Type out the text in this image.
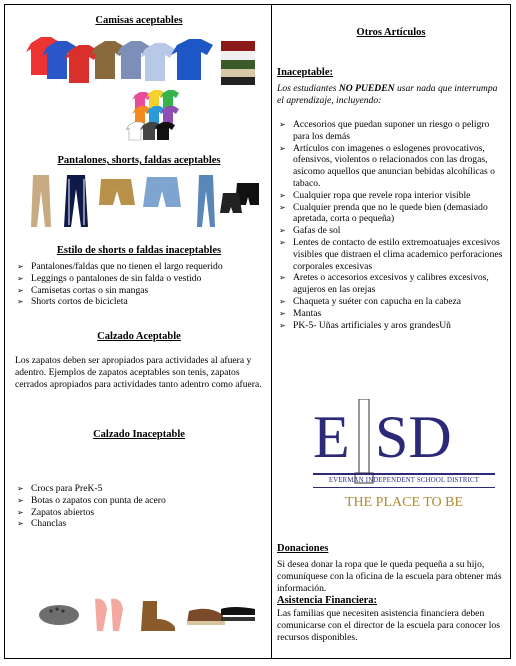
Camisas aceptables
Pantalones, shorts, faldas aceptables
Estilo de shorts o faldas inaceptables
➢ Pantalones/faldas que no tienen el largo requerido
➢ Leggings o pantalones de sin falda o vestido
➢ Camisetas cortas o sin mangas
➢ Shorts cortos de bicicleta
Calzado Aceptable
Los zapatos deben ser apropiados para actividades al afuera y adentro. Ejemplos de zapatos aceptables son tenis, zapatos cerrados apropiados para actividades tanto adentro como afuera.
Calzado Inaceptable
➢ Crocs para PreK-5
➢ Botas o zapatos con punta de acero
➢ Zapatos abiertos
➢ Chanclas
Otros Artículos
Inaceptable:
Los estudiantes NO PUEDEN usar nada que interrumpa el aprendizaje, incluyendo:
➢ Accesorios que puedan suponer un riesgo o peligro para los demás
➢ Artículos con imagenes o eslogenes provocativos, ofensivos, violentos o relacionados con las drogas, asícomo aquellos que anuncian bebidas alcohílicas o tabaco.
➢ Cualquier ropa que revele ropa interior visible
➢ Cualquier prenda que no le quede bien (demasiado apretada, corta o pequeña)
➢ Gafas de sol
➢ Lentes de contacto de estilo extremoatuajes excesivos visibles que distraen el clima academico perforaciones corporales excesivas
➢ Aretes o accesorios excesivos y calibres excesivos, agujeros en las orejas
➢ Chaqueta y suéter con capucha en la cabeza
➢ Mantas
➢ PK-5- Uñas artificiales y aros grandesUñ
E SD
EVERMAN INDEPENDENT SCHOOL DISTRICT
THE PLACE TO BE
Donaciones
Si desea donar la ropa que le queda pequeña a su hijo, comuníquese con la oficina de la escuela para obtener más información.
Asistencia Financiera:
Las familias que necesiten asistencia financiera deben comunicarse con el director de la escuela para conocer los recursos disponibles.
